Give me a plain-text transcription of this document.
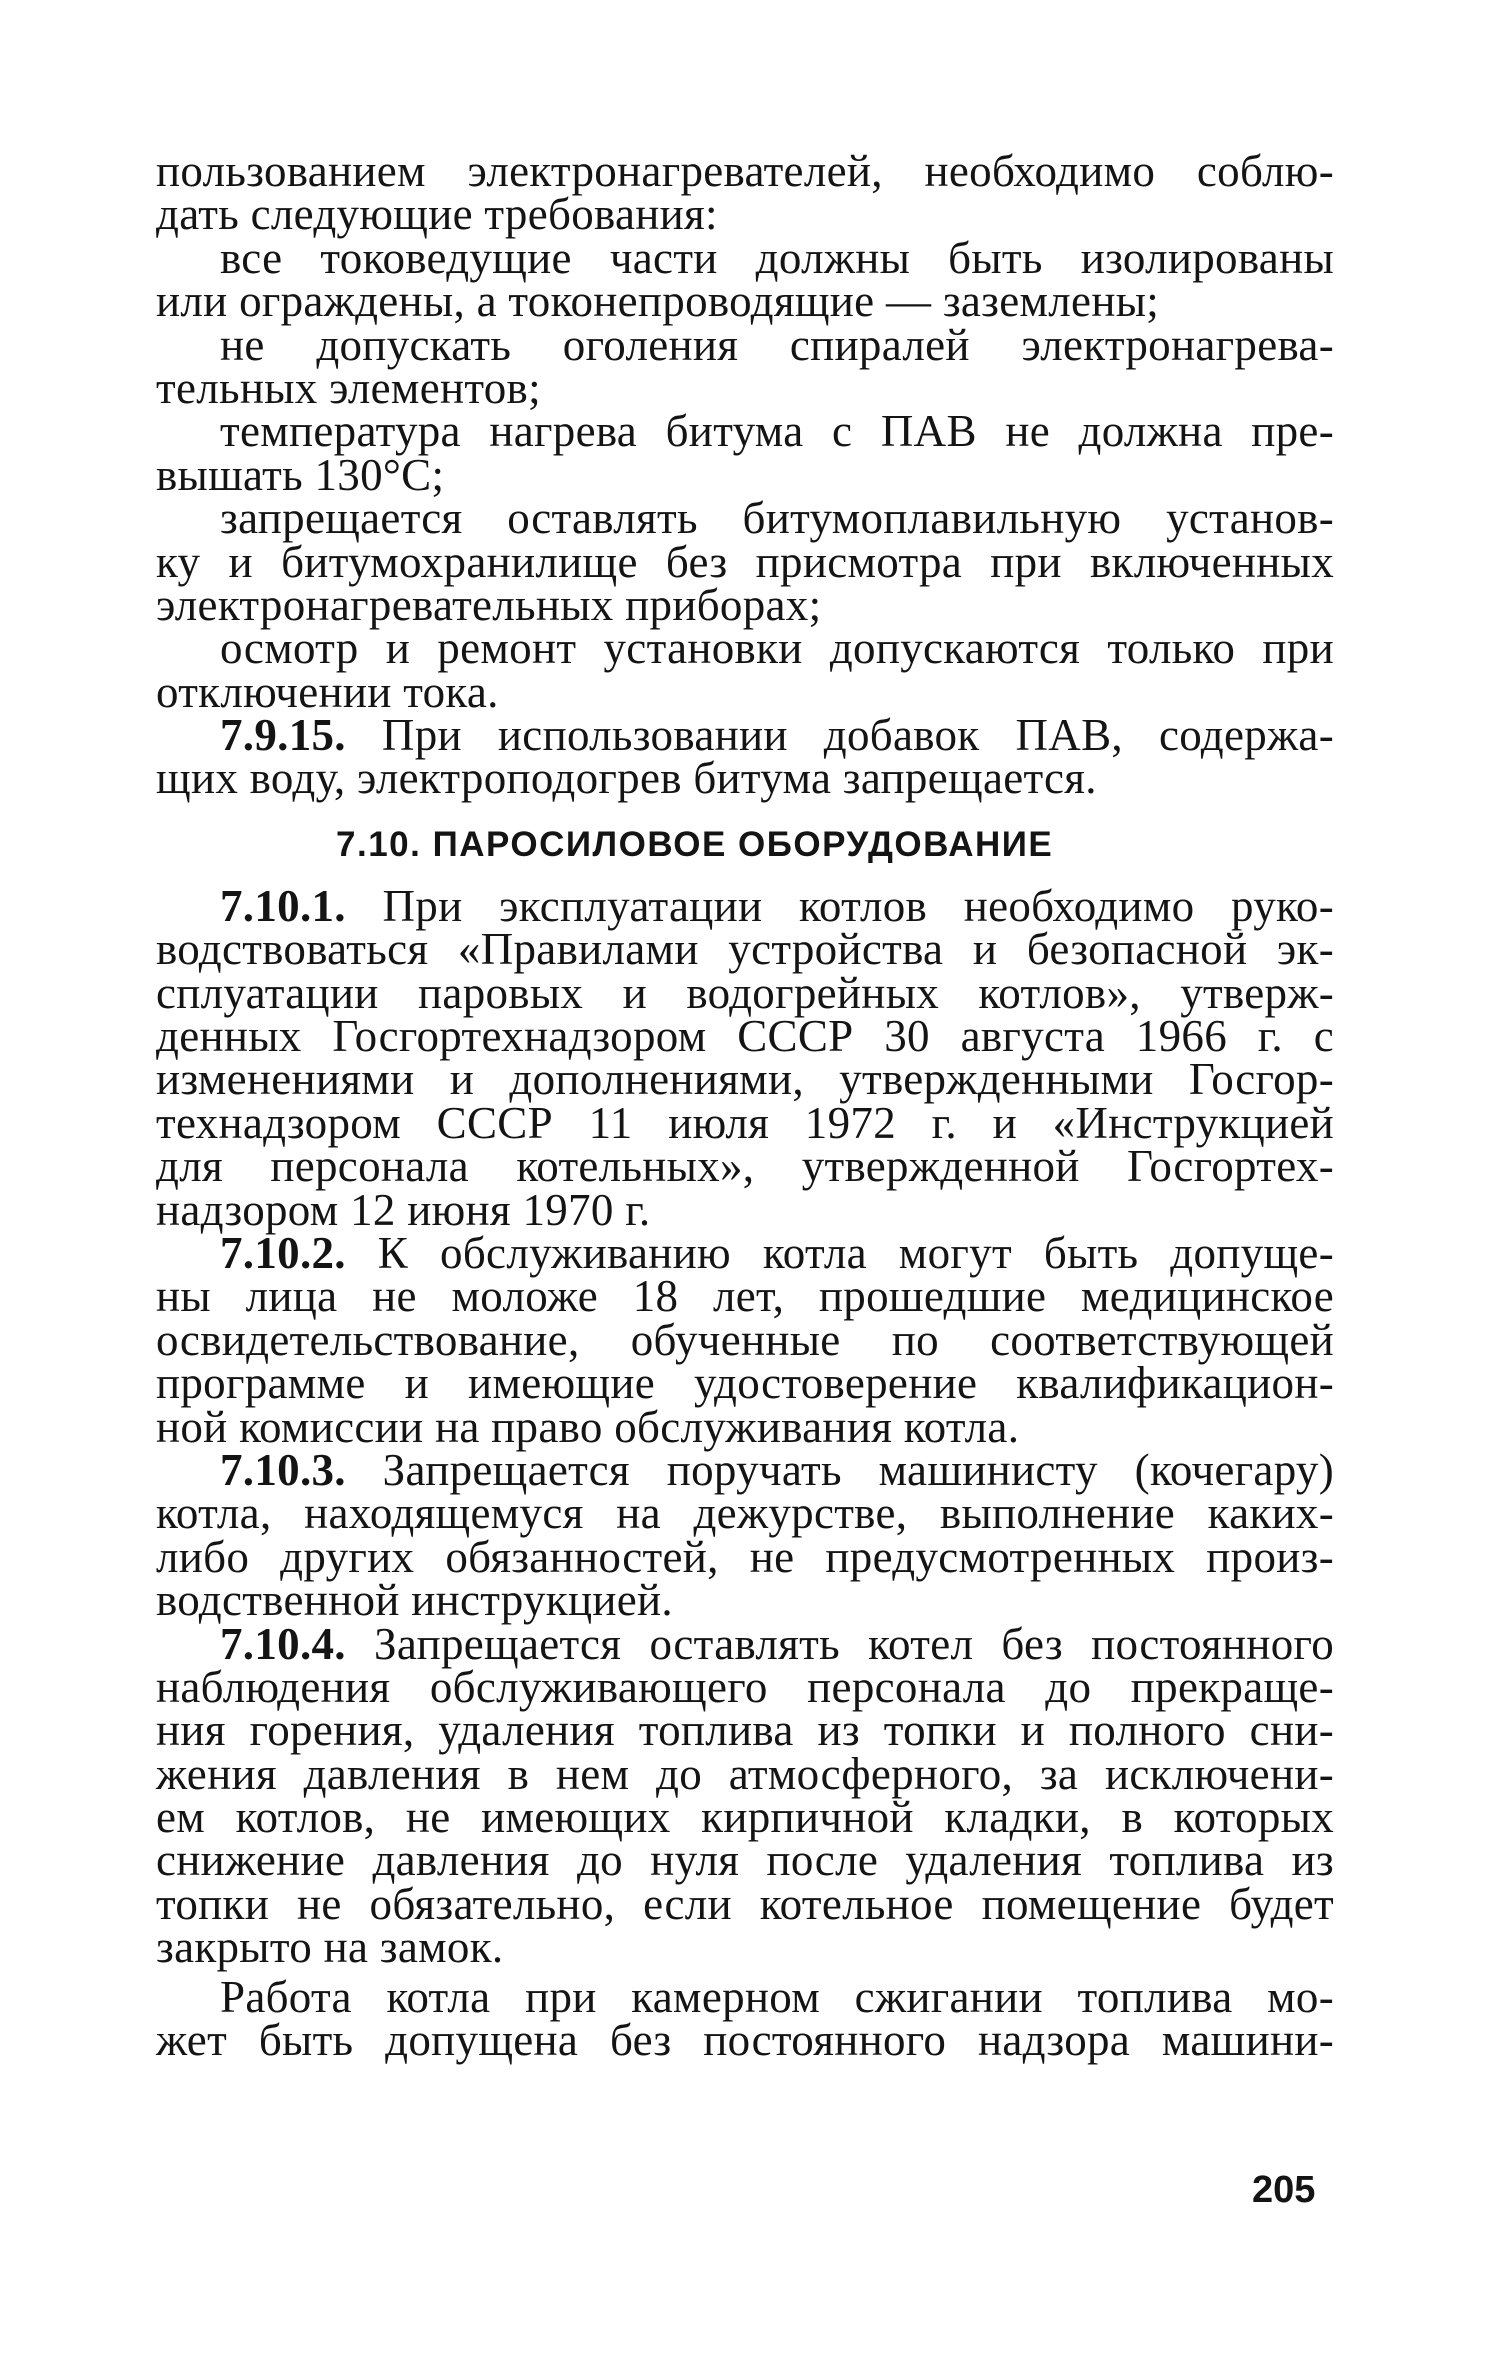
пользованием электронагревателей, необходимо соблю-
дать следующие требования:
все токоведущие части должны быть изолированы
или ограждены, а токонепроводящие — заземлены;
не допускать оголения спиралей электронагрева-
тельных элементов;
температура нагрева битума с ПАВ не должна пре-
вышать 130°С;
запрещается оставлять битумоплавильную установ-
ку и битумохранилище без присмотра при включенных
электронагревательных приборах;
осмотр и ремонт установки допускаются только при
отключении тока.
7.9.15. При использовании добавок ПАВ, содержа-
щих воду, электроподогрев битума запрещается.
7.10. ПАРОСИЛОВОЕ ОБОРУДОВАНИЕ
7.10.1. При эксплуатации котлов необходимо руко-
водствоваться «Правилами устройства и безопасной эк-
сплуатации паровых и водогрейных котлов», утверж-
денных Госгортехнадзором СССР 30 августа 1966 г. с
изменениями и дополнениями, утвержденными Госгор-
технадзором СССР 11 июля 1972 г. и «Инструкцией
для персонала котельных», утвержденной Госгортех-
надзором 12 июня 1970 г.
7.10.2. К обслуживанию котла могут быть допуще-
ны лица не моложе 18 лет, прошедшие медицинское
освидетельствование, обученные по соответствующей
программе и имеющие удостоверение квалификацион-
ной комиссии на право обслуживания котла.
7.10.3. Запрещается поручать машинисту (кочегару)
котла, находящемуся на дежурстве, выполнение каких-
либо других обязанностей, не предусмотренных произ-
водственной инструкцией.
7.10.4. Запрещается оставлять котел без постоянного
наблюдения обслуживающего персонала до прекраще-
ния горения, удаления топлива из топки и полного сни-
жения давления в нем до атмосферного, за исключени-
ем котлов, не имеющих кирпичной кладки, в которых
снижение давления до нуля после удаления топлива из
топки не обязательно, если котельное помещение будет
закрыто на замок.
Работа котла при камерном сжигании топлива мо-
жет быть допущена без постоянного надзора машини-
205
